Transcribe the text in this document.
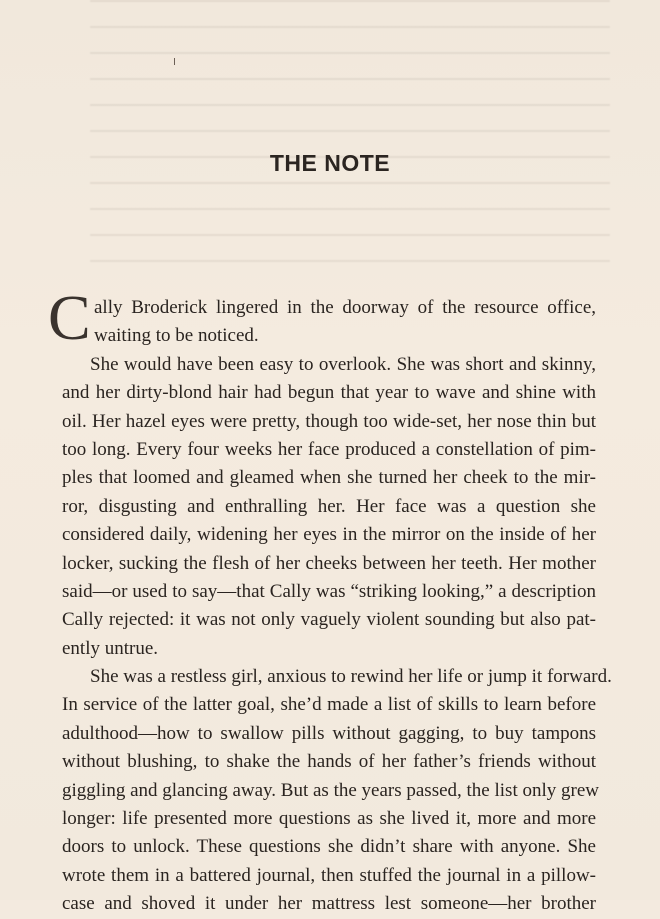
THE NOTE
C ally Broderick lingered in the doorway of the resource office,
waiting to be noticed.
She would have been easy to overlook. She was short and skinny,
and her dirty-blond hair had begun that year to wave and shine with
oil. Her hazel eyes were pretty, though too wide-set, her nose thin but
too long. Every four weeks her face produced a constellation of pim-
ples that loomed and gleamed when she turned her cheek to the mir-
ror, disgusting and enthralling her. Her face was a question she
considered daily, widening her eyes in the mirror on the inside of her
locker, sucking the flesh of her cheeks between her teeth. Her mother
said—or used to say—that Cally was “striking looking,” a description
Cally rejected: it was not only vaguely violent sounding but also pat-
ently untrue.
She was a restless girl, anxious to rewind her life or jump it forward.
In service of the latter goal, she’d made a list of skills to learn before
adulthood—how to swallow pills without gagging, to buy tampons
without blushing, to shake the hands of her father’s friends without
giggling and glancing away. But as the years passed, the list only grew
longer: life presented more questions as she lived it, more and more
doors to unlock. These questions she didn’t share with anyone. She
wrote them in a battered journal, then stuffed the journal in a pillow-
case and shoved it under her mattress lest someone—her brother
